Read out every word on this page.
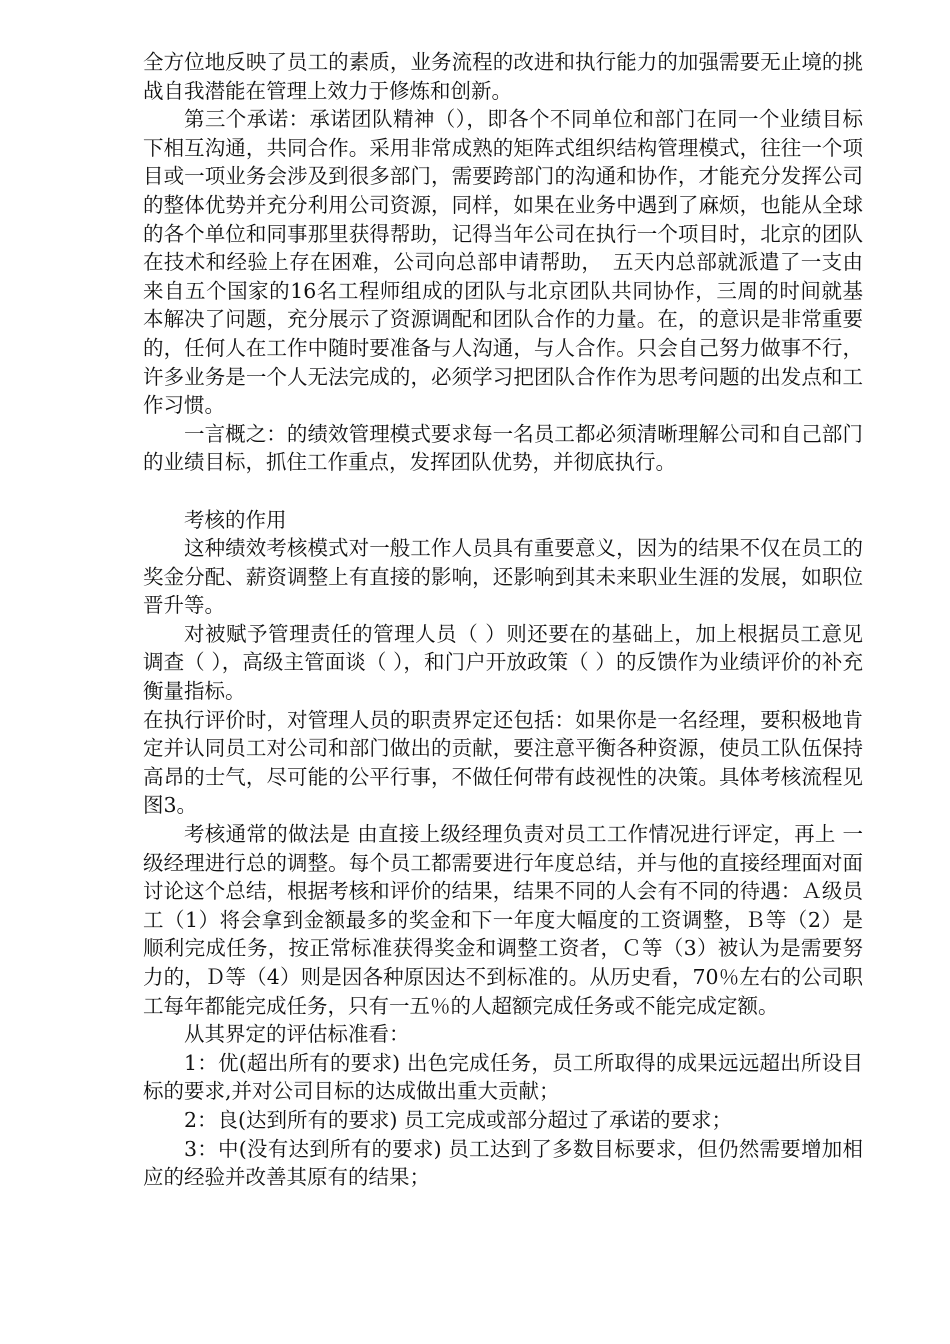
全方位地反映了员工的素质，业务流程的改进和执行能力的加强需要无止境的挑战自我潜能在管理上效力于修炼和创新。

第三个承诺：承诺团队精神（），即各个不同单位和部门在同一个业绩目标下相互沟通，共同合作。采用非常成熟的矩阵式组织结构管理模式，往往一个项目或一项业务会涉及到很多部门，需要跨部门的沟通和协作，才能充分发挥公司的整体优势并充分利用公司资源，同样，如果在业务中遇到了麻烦，也能从全球的各个单位和同事那里获得帮助，记得当年公司在执行一个项目时，北京的团队在技术和经验上存在困难，公司向总部申请帮助，　五天内总部就派遣了一支由来自五个国家的16名工程师组成的团队与北京团队共同协作，三周的时间就基本解决了问题，充分展示了资源调配和团队合作的力量。在，的意识是非常重要的，任何人在工作中随时要准备与人沟通，与人合作。只会自己努力做事不行，许多业务是一个人无法完成的，必须学习把团队合作作为思考问题的出发点和工作习惯。

一言概之：的绩效管理模式要求每一名员工都必须清晰理解公司和自己部门的业绩目标，抓住工作重点，发挥团队优势，并彻底执行。

考核的作用

这种绩效考核模式对一般工作人员具有重要意义，因为的结果不仅在员工的奖金分配、薪资调整上有直接的影响，还影响到其未来职业生涯的发展，如职位晋升等。

对被赋予管理责任的管理人员（ ）则还要在的基础上，加上根据员工意见调查（ ），高级主管面谈（ ），和门户开放政策（ ）的反馈作为业绩评价的补充衡量指标。

在执行评价时，对管理人员的职责界定还包括：如果你是一名经理，要积极地肯定并认同员工对公司和部门做出的贡献，要注意平衡各种资源，使员工队伍保持高昂的士气，尽可能的公平行事，不做任何带有歧视性的决策。具体考核流程见图3。

考核通常的做法是 由直接上级经理负责对员工工作情况进行评定，再上 一级经理进行总的调整。每个员工都需要进行年度总结，并与他的直接经理面对面讨论这个总结，根据考核和评价的结果，结果不同的人会有不同的待遇：Ａ级员工（1）将会拿到金额最多的奖金和下一年度大幅度的工资调整，Ｂ等（2）是顺利完成任务，按正常标准获得奖金和调整工资者，Ｃ等（3）被认为是需要努力的，Ｄ等（4）则是因各种原因达不到标准的。从历史看，70％左右的公司职工每年都能完成任务，只有一五％的人超额完成任务或不能完成定额。

从其界定的评估标准看：

1：优(超出所有的要求) 出色完成任务，员工所取得的成果远远超出所设目标的要求,并对公司目标的达成做出重大贡献；

2：良(达到所有的要求) 员工完成或部分超过了承诺的要求；

3：中(没有达到所有的要求) 员工达到了多数目标要求，但仍然需要增加相应的经验并改善其原有的结果；
